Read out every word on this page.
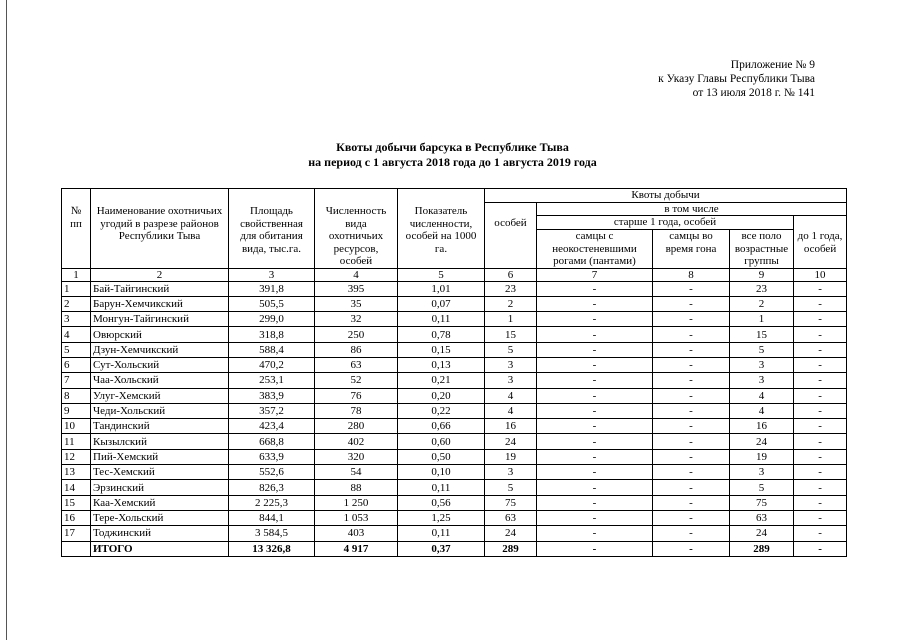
Приложение № 9
к Указу Главы Республики Тыва
от 13 июля 2018 г. № 141
Квоты добычи барсука в Республике Тыва
на период с 1 августа 2018 года до 1 августа 2019 года
№ пп	Наименование охотничьих угодий в разрезе районов Республики Тыва	Площадь свойственная для обитания вида, тыс.га.	Численность вида охотничьих ресурсов, особей	Показатель численности, особей на 1000 га.	Квоты добычи				
					особей	в том числе			
						старше 1 года, особей			до 1 года, особей
						самцы с неокостеневшими рогами (пантами)	самцы во время гона	все поло возрастные группы	
1	2	3	4	5	6	7	8	9	10
1	Бай-Тайгинский	391,8	395	1,01	23	-	-	23	-
2	Барун-Хемчикский	505,5	35	0,07	2	-	-	2	-
3	Монгун-Тайгинский	299,0	32	0,11	1	-	-	1	-
4	Овюрский	318,8	250	0,78	15	-	-	15	-
5	Дзун-Хемчикский	588,4	86	0,15	5	-	-	5	-
6	Сут-Хольский	470,2	63	0,13	3	-	-	3	-
7	Чаа-Хольский	253,1	52	0,21	3	-	-	3	-
8	Улуг-Хемский	383,9	76	0,20	4	-	-	4	-
9	Чеди-Хольский	357,2	78	0,22	4	-	-	4	-
10	Тандинский	423,4	280	0,66	16	-	-	16	-
11	Кызылский	668,8	402	0,60	24	-	-	24	-
12	Пий-Хемский	633,9	320	0,50	19	-	-	19	-
13	Тес-Хемский	552,6	54	0,10	3	-	-	3	-
14	Эрзинский	826,3	88	0,11	5	-	-	5	-
15	Каа-Хемский	2 225,3	1 250	0,56	75	-	-	75	-
16	Тере-Хольский	844,1	1 053	1,25	63	-	-	63	-
17	Тоджинский	3 584,5	403	0,11	24	-	-	24	-
	ИТОГО	13 326,8	4 917	0,37	289	-	-	289	-
